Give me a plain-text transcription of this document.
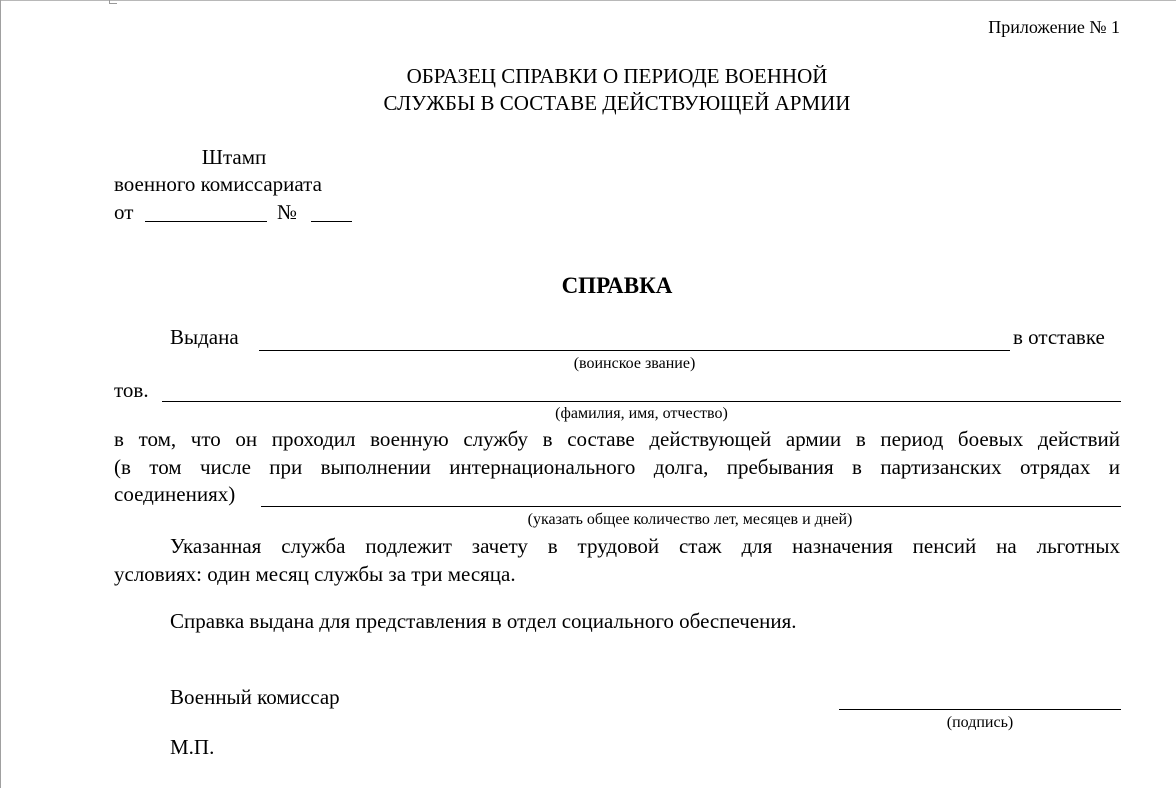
Приложение № 1
ОБРАЗЕЦ СПРАВКИ О ПЕРИОДЕ ВОЕННОЙ
СЛУЖБЫ В СОСТАВЕ ДЕЙСТВУЮЩЕЙ АРМИИ
Штамп
военного комиссариата
от	№
СПРАВКА
Выдана	в отставке
(воинское звание)
тов.
(фамилия, имя, отчество)
в том, что он проходил военную службу в составе действующей армии в период боевых действий
(в том числе при выполнении интернационального долга, пребывания в партизанских отрядах и
соединениях)
(указать общее количество лет, месяцев и дней)
Указанная служба подлежит зачету в трудовой стаж для назначения пенсий на льготных
условиях: один месяц службы за три месяца.
Справка выдана для представления в отдел социального обеспечения.
Военный комиссар
(подпись)
М.П.
